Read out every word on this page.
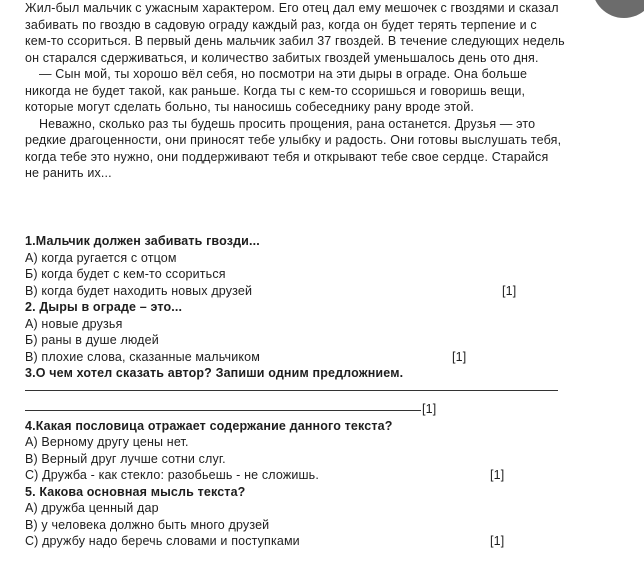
Жил-был мальчик с ужасным характером. Его отец дал ему мешочек с гвоздями и сказал забивать по гвоздю в садовую ограду каждый раз, когда он будет терять терпение и с кем-то ссориться. В первый день мальчик забил 37 гвоздей. В течение следующих недель он старался сдерживаться, и количество забитых гвоздей уменьшалось день ото дня.

— Сын мой, ты хорошо вёл себя, но посмотри на эти дыры в ограде. Она больше никогда не будет такой, как раньше. Когда ты с кем-то ссоришься и говоришь вещи, которые могут сделать больно, ты наносишь собеседнику рану вроде этой.

Неважно, сколько раз ты будешь просить прощения, рана останется. Друзья — это редкие драгоценности, они приносят тебе улыбку и радость. Они готовы выслушать тебя, когда тебе это нужно, они поддерживают тебя и открывают тебе свое сердце. Старайся не ранить их...

1.Мальчик должен забивать гвозди...
А) когда ругается с отцом
Б) когда будет с кем-то ссориться
В) когда будет находить новых друзей	[1]
2. Дыры в ограде – это...
А) новые друзья
Б) раны в душе людей
В) плохие слова, сказанные мальчиком	[1]
3.О чем хотел сказать автор? Запиши одним предложнием.
[1]
4.Какая пословица отражает содержание данного текста?
А) Верному другу цены нет.
В) Верный друг лучше сотни слуг.
С) Дружба - как стекло: разобьешь - не сложишь.	[1]
5. Какова основная мысль текста?
А) дружба ценный дар
В) у человека должно быть много друзей
С) дружбу надо беречь словами и поступками	[1]
